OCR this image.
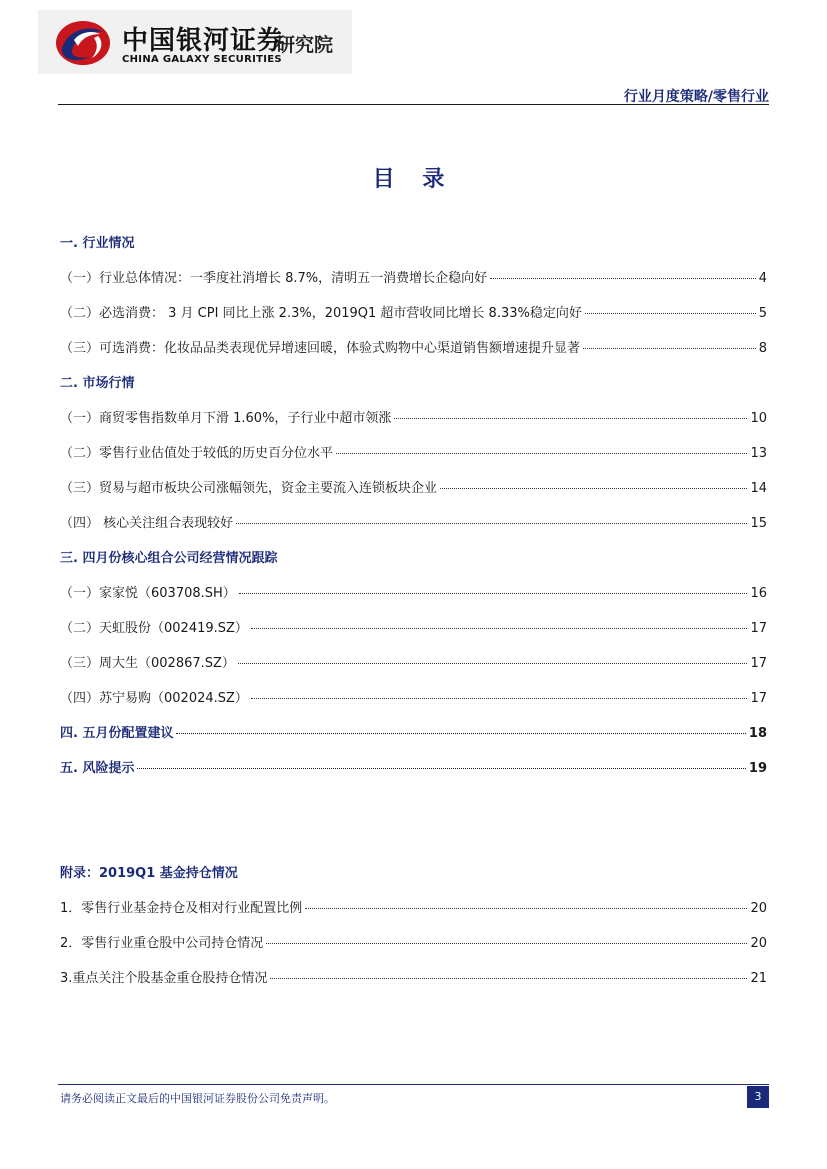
中国银河证券
CHINA GALAXY SECURITIES
研究院
行业月度策略/零售行业
目 录
一. 行业情况
（一）行业总体情况：一季度社消增长 8.7%，清明五一消费增长企稳向好	4
（二）必选消费： 3 月 CPI 同比上涨 2.3%，2019Q1 超市营收同比增长 8.33%稳定向好	5
（三）可选消费：化妆品品类表现优异增速回暖，体验式购物中心渠道销售额增速提升显著	8
二. 市场行情
（一）商贸零售指数单月下滑 1.60%，子行业中超市领涨	10
（二）零售行业估值处于较低的历史百分位水平	13
（三）贸易与超市板块公司涨幅领先，资金主要流入连锁板块企业	14
（四） 核心关注组合表现较好	15
三. 四月份核心组合公司经营情况跟踪
（一）家家悦（603708.SH）	16
（二）天虹股份（002419.SZ）	17
（三）周大生（002867.SZ）	17
（四）苏宁易购（002024.SZ）	17
四. 五月份配置建议	18
五. 风险提示	19
附录：2019Q1 基金持仓情况
1．零售行业基金持仓及相对行业配置比例	20
2．零售行业重仓股中公司持仓情况	20
3.重点关注个股基金重仓股持仓情况	21
请务必阅读正文最后的中国银河证券股份公司免责声明。	3
